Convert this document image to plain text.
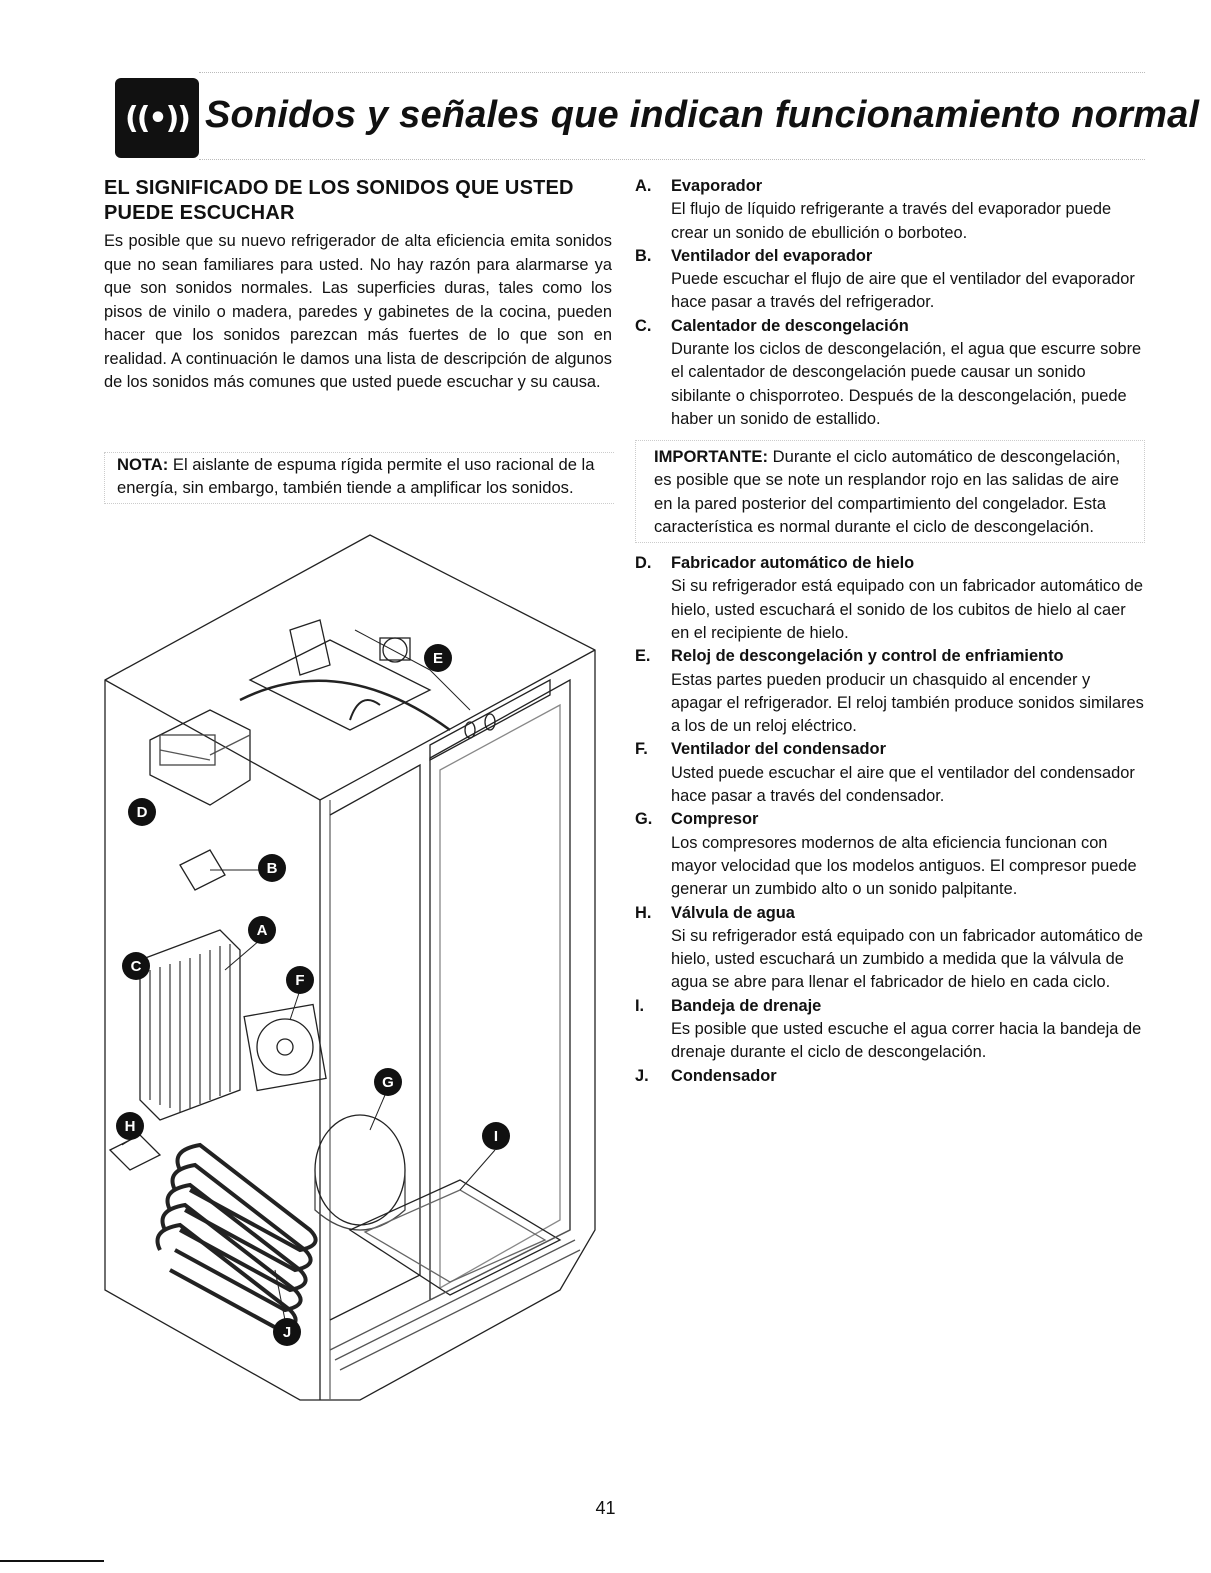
((•)) Sonidos y señales que indican funcionamiento normal
EL SIGNIFICADO DE LOS SONIDOS QUE USTED PUEDE ESCUCHAR

Es posible que su nuevo refrigerador de alta eficiencia emita sonidos que no sean familiares para usted. No hay razón para alarmarse ya que son sonidos normales. Las superficies duras, tales como los pisos de vinilo o madera, paredes y gabinetes de la cocina, pueden hacer que los sonidos parezcan más fuertes de lo que son en realidad. A continuación le damos una lista de descripción de algunos de los sonidos más comunes que usted puede escuchar y su causa.

NOTA: El aislante de espuma rígida permite el uso racional de la energía, sin embargo, también tiende a amplificar los sonidos.
E
D
B
A
C
F
G
H
I
J
A. Evaporador

El flujo de líquido refrigerante a través del evaporador puede crear un sonido de ebullición o borboteo.

B. Ventilador del evaporador

Puede escuchar el flujo de aire que el ventilador del evaporador hace pasar a través del refrigerador.

C. Calentador de descongelación

Durante los ciclos de descongelación, el agua que escurre sobre el calentador de descongelación puede causar un sonido sibilante o chisporroteo. Después de la descongelación, puede haber un sonido de estallido.

IMPORTANTE: Durante el ciclo automático de descongelación, es posible que se note un resplandor rojo en las salidas de aire en la pared posterior del compartimiento del congelador. Esta característica es normal durante el ciclo de descongelación.
D. Fabricador automático de hielo

Si su refrigerador está equipado con un fabricador automático de hielo, usted escuchará el sonido de los cubitos de hielo al caer en el recipiente de hielo.

E. Reloj de descongelación y control de enfriamiento

Estas partes pueden producir un chasquido al encender y apagar el refrigerador. El reloj también produce sonidos similares a los de un reloj eléctrico.

F. Ventilador del condensador

Usted puede escuchar el aire que el ventilador del condensador hace pasar a través del condensador.

G. Compresor

Los compresores modernos de alta eficiencia funcionan con mayor velocidad que los modelos antiguos. El compresor puede generar un zumbido alto o un sonido palpitante.

H. Válvula de agua

Si su refrigerador está equipado con un fabricador automático de hielo, usted escuchará un zumbido a medida que la válvula de agua se abre para llenar el fabricador de hielo en cada ciclo.

I. Bandeja de drenaje

Es posible que usted escuche el agua correr hacia la bandeja de drenaje durante el ciclo de descongelación.

J. Condensador

41
